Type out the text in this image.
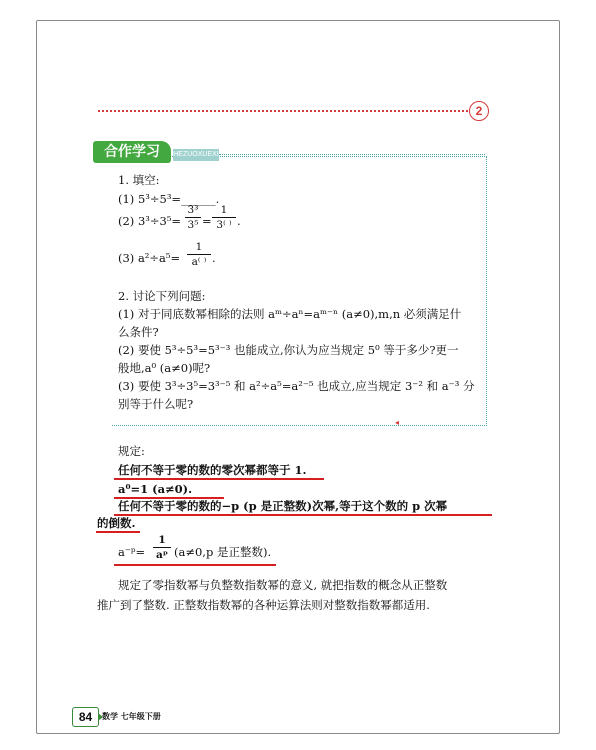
2
合作学习	HEZUOXUEXI
1. 填空:
(1) 5³÷5³=______.
(2) 3³÷3⁵=
3³
3⁵ =
1
3⁽ ⁾ .
(3) a²÷a⁵=
1
a⁽ ⁾ .
2. 讨论下列问题:
(1) 对于同底数幂相除的法则 aᵐ÷aⁿ=aᵐ⁻ⁿ (a≠0),m,n 必须满足什
么条件?
(2) 要使 5³÷5³=5³⁻³ 也能成立,你认为应当规定 5⁰ 等于多少?更一
般地,a⁰ (a≠0)呢?
(3) 要使 3³÷3⁵=3³⁻⁵ 和 a²÷a⁵=a²⁻⁵ 也成立,应当规定 3⁻² 和 a⁻³ 分
别等于什么呢?
◂
规定:
任何不等于零的数的零次幂都等于 1.
a⁰=1 (a≠0).
任何不等于零的数的−p (p 是正整数)次幂,等于这个数的 p 次幂
的倒数.
a⁻ᵖ=
1
aᵖ (a≠0,p 是正整数).
规定了零指数幂与负整数指数幂的意义, 就把指数的概念从正整数
推广到了整数. 正整数指数幂的各种运算法则对整数指数幂都适用.
84	数学 七年级下册
